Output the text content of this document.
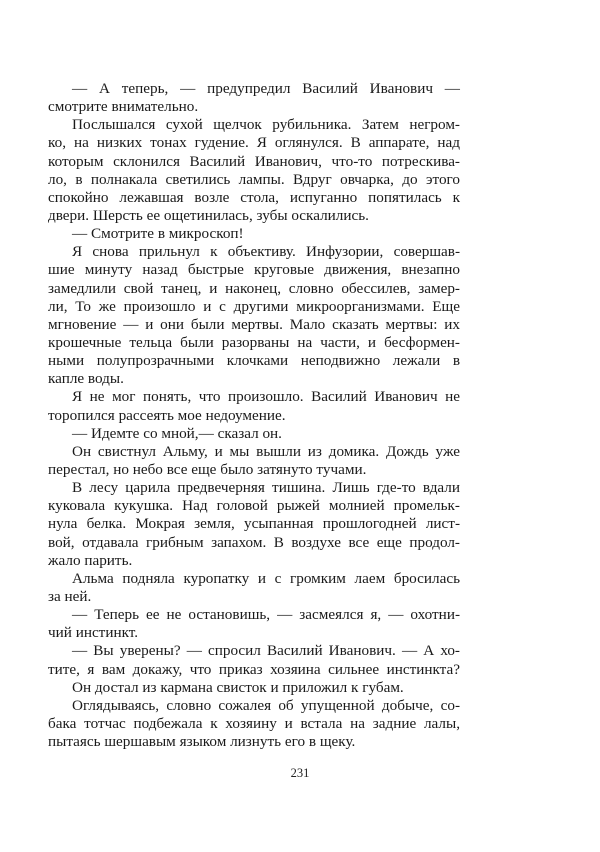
— А теперь, — предупредил Василий Иванович —
смотрите внимательно.
Послышался сухой щелчок рубильника. Затем негром-
ко, на низких тонах гудение. Я оглянулся. В аппарате, над
которым склонился Василий Иванович, что-то потрескива-
ло, в полнакала светились лампы. Вдруг овчарка, до этого
спокойно лежавшая возле стола, испуганно попятилась к
двери. Шерсть ее ощетинилась, зубы оскалились.
— Смотрите в микроскоп!
Я снова прильнул к объективу. Инфузории, совершав-
шие минуту назад быстрые круговые движения, внезапно
замедлили свой танец, и наконец, словно обессилев, замер-
ли, То же произошло и с другими микроорганизмами. Еще
мгновение — и они были мертвы. Мало сказать мертвы: их
крошечные тельца были разорваны на части, и бесформен-
ными полупрозрачными клочками неподвижно лежали в
капле воды.
Я не мог понять, что произошло. Василий Иванович не
торопился рассеять мое недоумение.
— Идемте со мной,— сказал он.
Он свистнул Альму, и мы вышли из домика. Дождь уже
перестал, но небо все еще было затянуто тучами.
В лесу царила предвечерняя тишина. Лишь где-то вдали
куковала кукушка. Над головой рыжей молнией промельк-
нула белка. Мокрая земля, усыпанная прошлогодней лист-
вой, отдавала грибным запахом. В воздухе все еще продол-
жало парить.
Альма подняла куропатку и с громким лаем бросилась
за ней.
— Теперь ее не остановишь, — засмеялся я, — охотни-
чий инстинкт.
— Вы уверены? — спросил Василий Иванович. — А хо-
тите, я вам докажу, что приказ хозяина сильнее инстинкта?
Он достал из кармана свисток и приложил к губам.
Оглядываясь, словно сожалея об упущенной добыче, со-
бака тотчас подбежала к хозяину и встала на задние лалы,
пытаясь шершавым языком лизнуть его в щеку.
231
